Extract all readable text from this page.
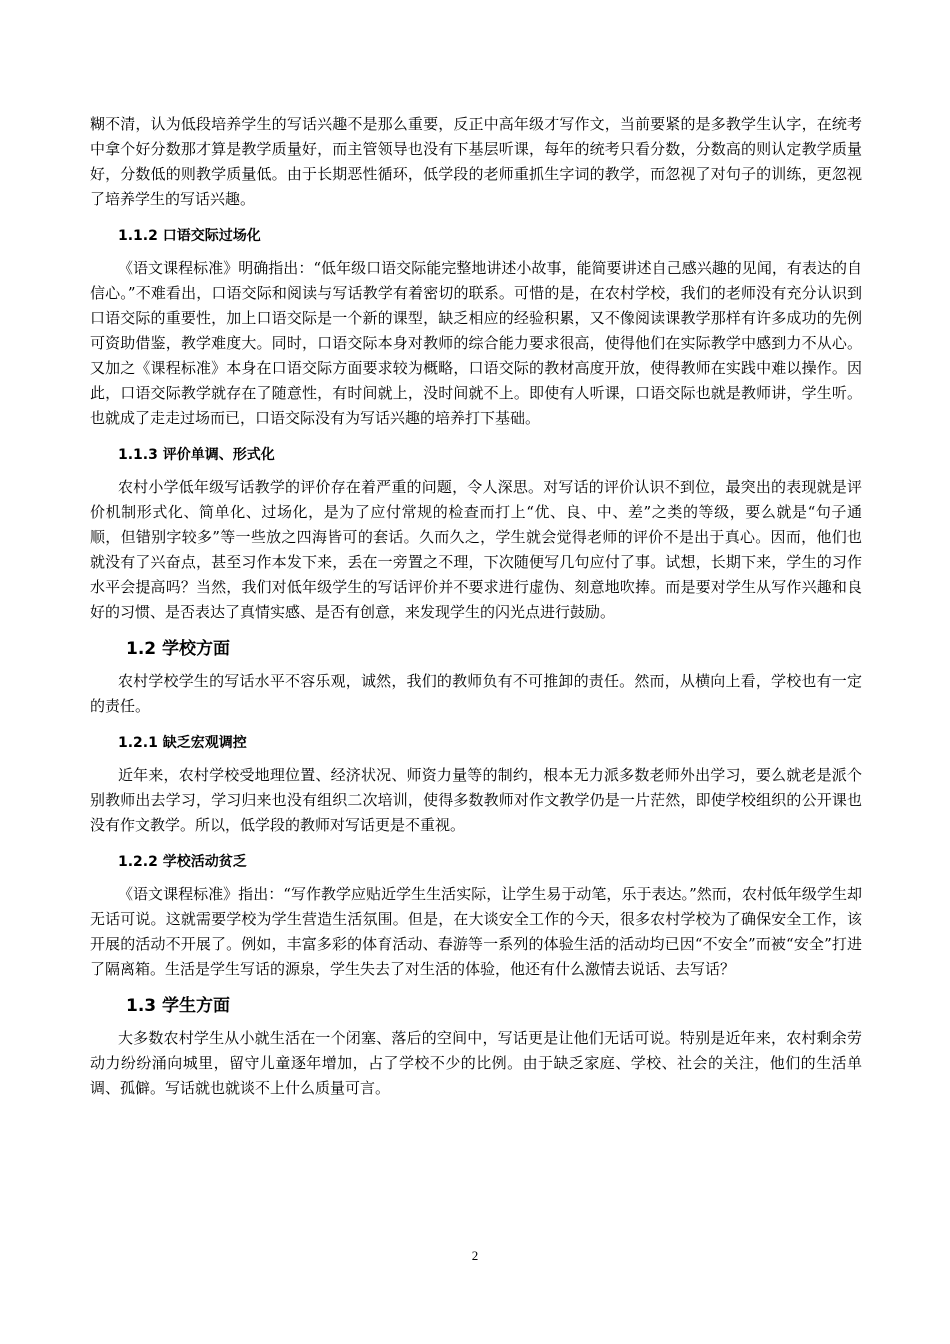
糊不清，认为低段培养学生的写话兴趣不是那么重要，反正中高年级才写作文，当前要紧的是多教学生认字，在统考中拿个好分数那才算是教学质量好，而主管领导也没有下基层听课，每年的统考只看分数，分数高的则认定教学质量好，分数低的则教学质量低。由于长期恶性循环，低学段的老师重抓生字词的教学，而忽视了对句子的训练，更忽视了培养学生的写话兴趣。

1.1.2 口语交际过场化

《语文课程标准》明确指出：“低年级口语交际能完整地讲述小故事，能简要讲述自己感兴趣的见闻，有表达的自信心。”不难看出，口语交际和阅读与写话教学有着密切的联系。可惜的是，在农村学校，我们的老师没有充分认识到口语交际的重要性，加上口语交际是一个新的课型，缺乏相应的经验积累，又不像阅读课教学那样有许多成功的先例可资助借鉴，教学难度大。同时，口语交际本身对教师的综合能力要求很高，使得他们在实际教学中感到力不从心。又加之《课程标准》本身在口语交际方面要求较为概略，口语交际的教材高度开放，使得教师在实践中难以操作。因此，口语交际教学就存在了随意性，有时间就上，没时间就不上。即使有人听课，口语交际也就是教师讲，学生听。也就成了走走过场而已，口语交际没有为写话兴趣的培养打下基础。

1.1.3 评价单调、形式化

农村小学低年级写话教学的评价存在着严重的问题，令人深思。对写话的评价认识不到位，最突出的表现就是评价机制形式化、简单化、过场化，是为了应付常规的检查而打上“优、良、中、差”之类的等级，要么就是“句子通顺，但错别字较多”等一些放之四海皆可的套话。久而久之，学生就会觉得老师的评价不是出于真心。因而，他们也就没有了兴奋点，甚至习作本发下来，丢在一旁置之不理，下次随便写几句应付了事。试想，长期下来，学生的习作水平会提高吗？当然，我们对低年级学生的写话评价并不要求进行虚伪、刻意地吹捧。而是要对学生从写作兴趣和良好的习惯、是否表达了真情实感、是否有创意，来发现学生的闪光点进行鼓励。

1.2 学校方面

农村学校学生的写话水平不容乐观，诚然，我们的教师负有不可推卸的责任。然而，从横向上看，学校也有一定的责任。

1.2.1 缺乏宏观调控

近年来，农村学校受地理位置、经济状况、师资力量等的制约，根本无力派多数老师外出学习，要么就老是派个别教师出去学习，学习归来也没有组织二次培训，使得多数教师对作文教学仍是一片茫然，即使学校组织的公开课也没有作文教学。所以，低学段的教师对写话更是不重视。

1.2.2 学校活动贫乏

《语文课程标准》指出：“写作教学应贴近学生生活实际，让学生易于动笔，乐于表达。”然而，农村低年级学生却无话可说。这就需要学校为学生营造生活氛围。但是，在大谈安全工作的今天，很多农村学校为了确保安全工作，该开展的活动不开展了。例如，丰富多彩的体育活动、春游等一系列的体验生活的活动均已因“不安全”而被“安全”打进了隔离箱。生活是学生写话的源泉，学生失去了对生活的体验，他还有什么激情去说话、去写话？

1.3 学生方面

大多数农村学生从小就生活在一个闭塞、落后的空间中，写话更是让他们无话可说。特别是近年来，农村剩余劳动力纷纷涌向城里，留守儿童逐年增加，占了学校不少的比例。由于缺乏家庭、学校、社会的关注，他们的生活单调、孤僻。写话就也就谈不上什么质量可言。

2
